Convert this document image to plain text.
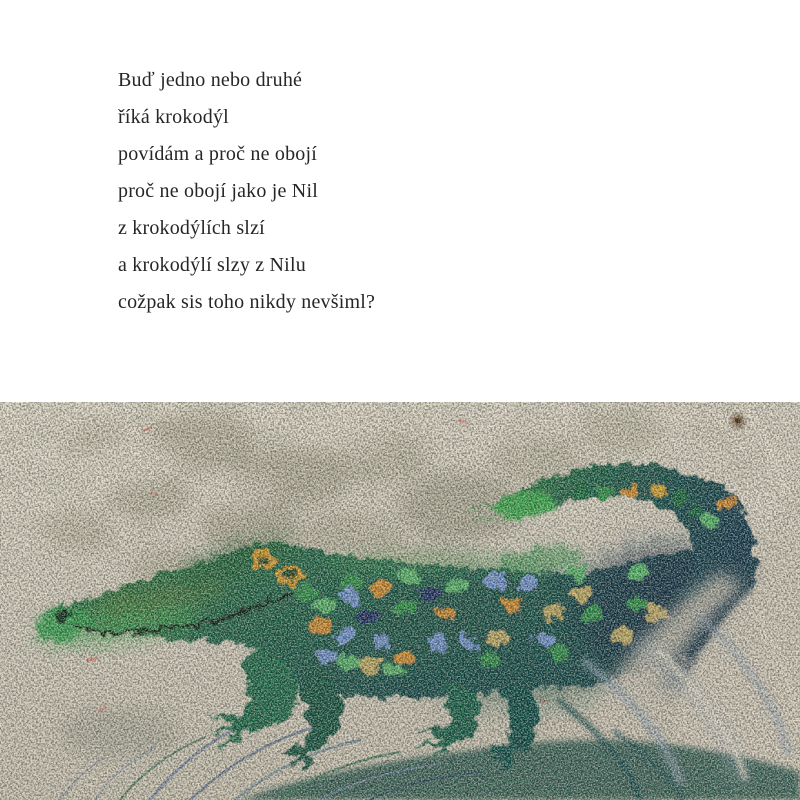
Buď jedno nebo druhé
říká krokodýl
povídám a proč ne obojí
proč ne obojí jako je Nil
z krokodýlích slzí
a krokodýlí slzy z Nilu
cožpak sis toho nikdy nevšiml?
